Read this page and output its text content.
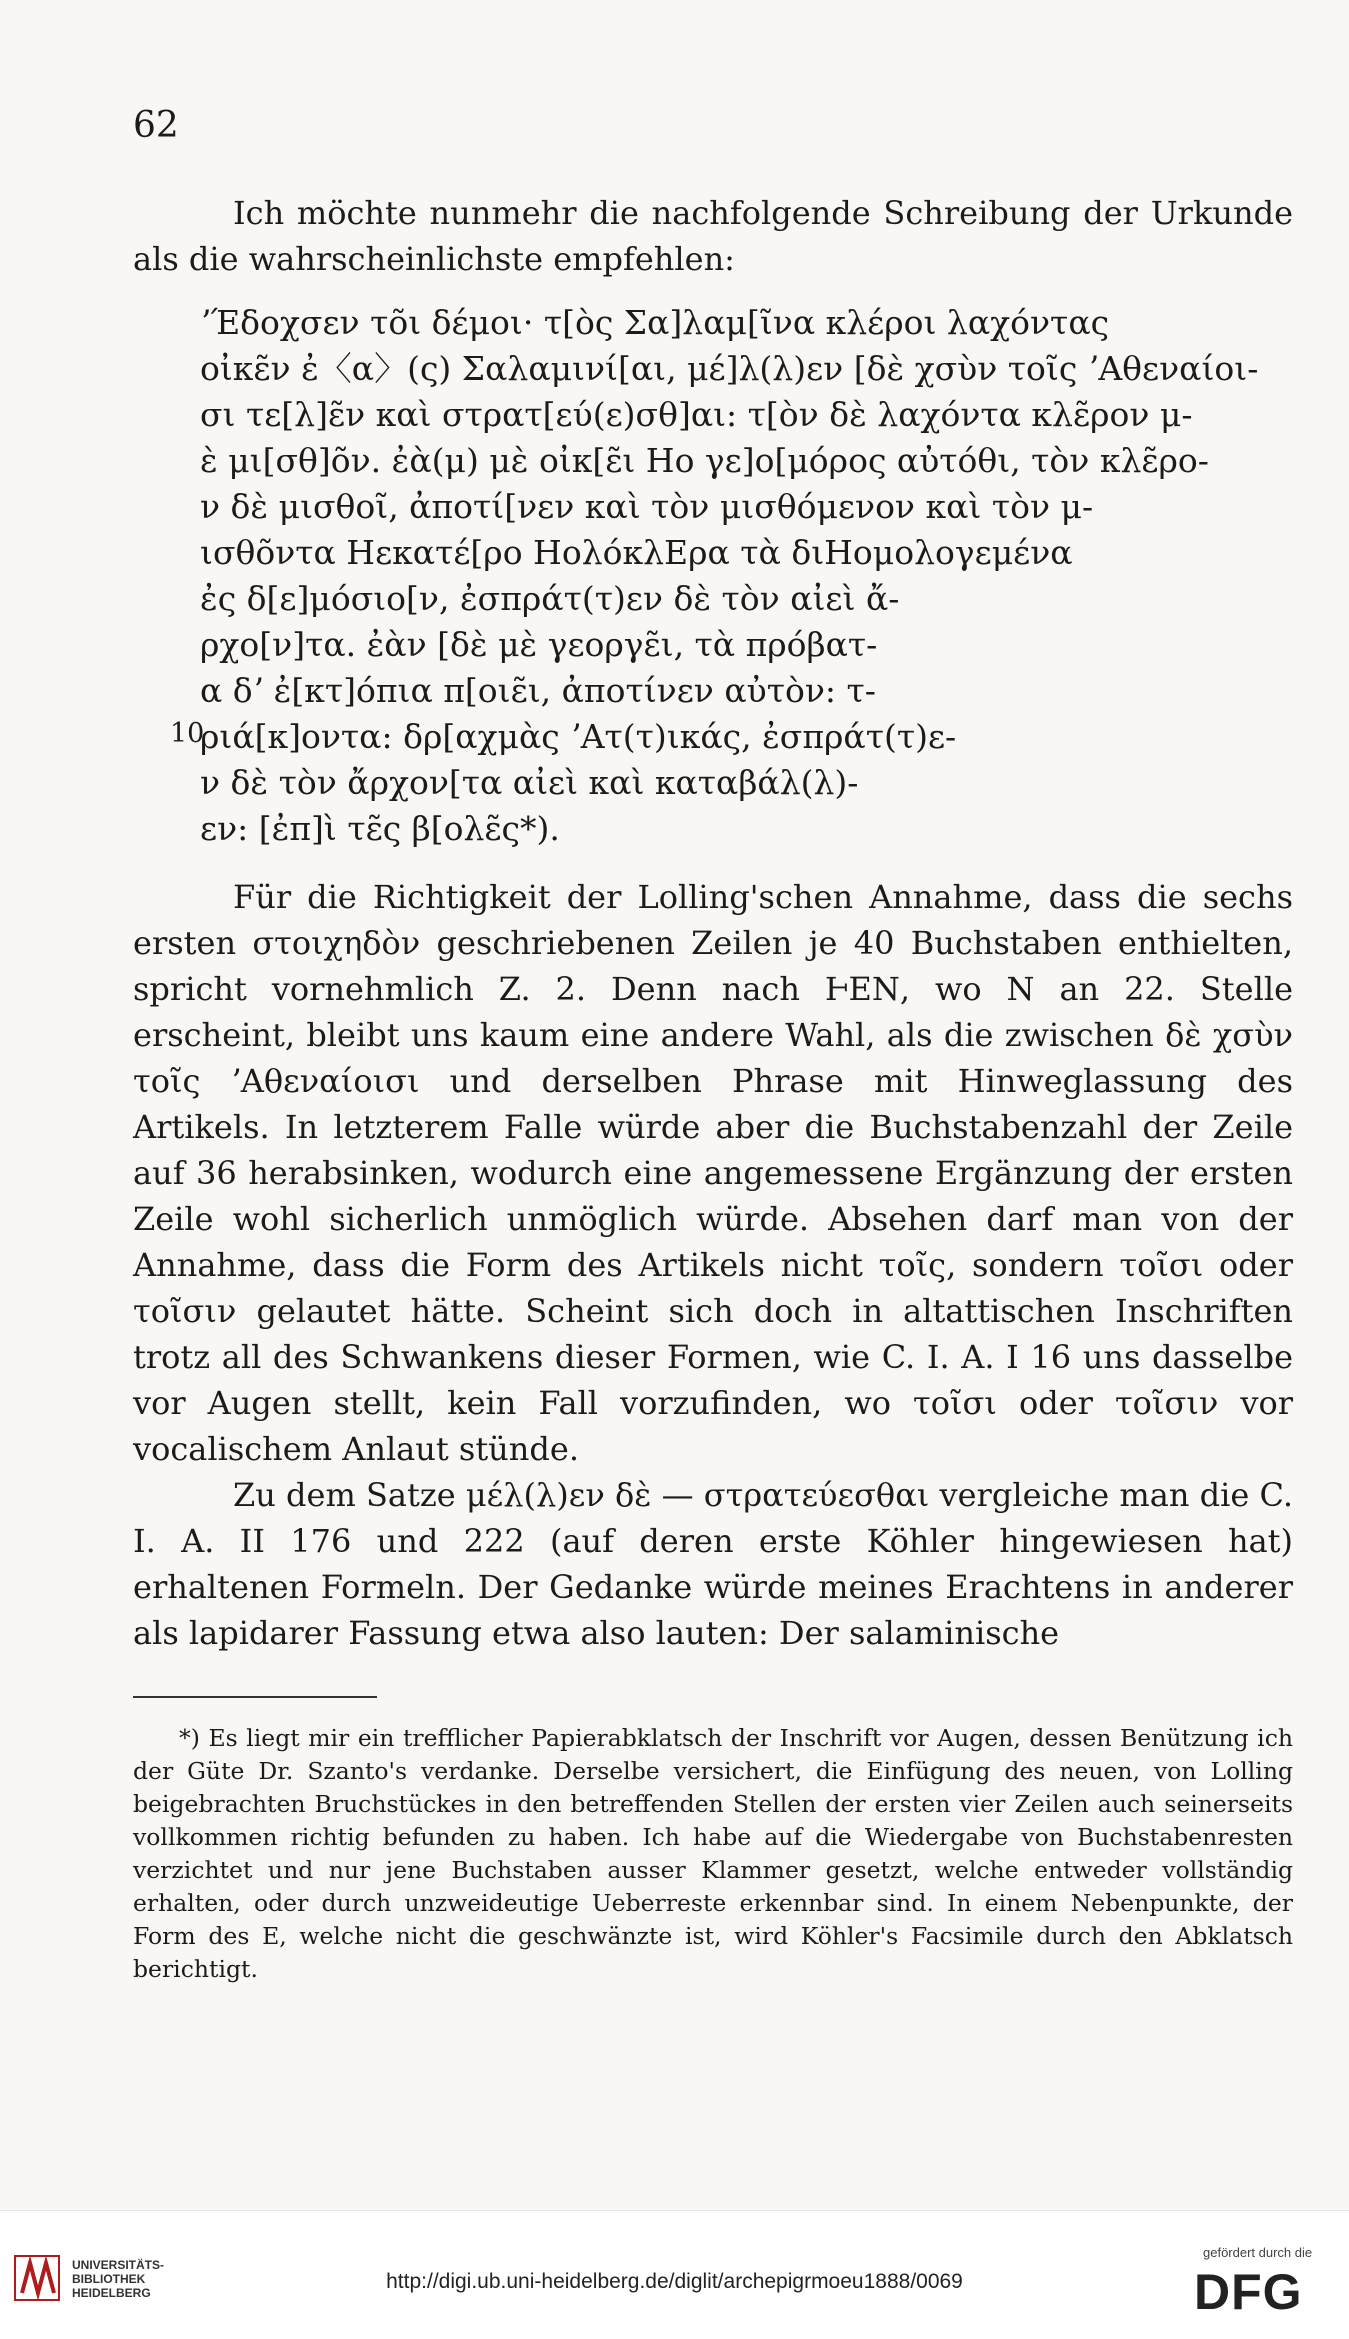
62

Ich möchte nunmehr die nachfolgende Schreibung der Urkunde als die wahrscheinlichste empfehlen:

ʼΈδοχσεν τõι δέμοι· τ[ὸς Σα]λαμ[ῖνα κλέροι λαχόντας
οἰκε̃ν ἐ〈α〉(ς) Σαλαμινί[αι, μέ]λ(λ)εν [δὲ χσὺν τοῖς ʼΑθεναίοι-
σι τε[λ]ε̃ν καὶ στρατ[εύ(ε)σθ]αι: τ[ὸν δὲ λαχόντα κλε̃ρον μ-
ὲ μι[σθ]õν. ἐὰ(μ) μὲ οἰκ[ε̃ι Ηο γε]ο[μόρος αὐτόθι, τὸν κλε̃ρο-
ν δὲ μισθοῖ, ἀποτί[νεν καὶ τὸν μισθόμενον καὶ τὸν μ-
ισθõντα Ηεκατέ[ρο ΗολόκλΕρα τὰ διΗομολογεμένα
ἐς δ[ε]μόσιο[ν, ἐσπράτ(τ)εν δὲ τὸν αἰεὶ ἄ-
ρχο[ν]τα. ἐὰν [δὲ μὲ γεοργε̃ι, τὰ πρόβατ-
α δʼ ἐ[κτ]όπια π[οιε̃ι, ἀποτίνεν αὐτὸν: τ-
ριά[κ]οντα: δρ[αχμὰς ʼΑτ(τ)ικάς, ἐσπράτ(τ)ε-
ν δὲ τὸν ἄρχον[τα αἰεὶ καὶ καταβάλ(λ)-
εν: [ἐπ]ὶ τε̃ς β[ολε̃ς*).
10

Für die Richtigkeit der Lolling'schen Annahme, dass die sechs ersten στοιχηδὸν geschriebenen Zeilen je 40 Buchstaben enthielten, spricht vornehmlich Z. 2. Denn nach ⱵΕΝ, wo Ν an 22. Stelle erscheint, bleibt uns kaum eine andere Wahl, als die zwischen δὲ χσὺν τοῖς ʼΑθεναίοισι und derselben Phrase mit Hinweglassung des Artikels. In letzterem Falle würde aber die Buchstabenzahl der Zeile auf 36 herabsinken, wodurch eine angemessene Ergänzung der ersten Zeile wohl sicherlich unmöglich würde. Absehen darf man von der Annahme, dass die Form des Artikels nicht τοῖς, sondern τοῖσι oder τοῖσιν gelautet hätte. Scheint sich doch in altattischen Inschriften trotz all des Schwankens dieser Formen, wie C. I. A. I 16 uns dasselbe vor Augen stellt, kein Fall vorzufinden, wo τοῖσι oder τοῖσιν vor vocalischem Anlaut stünde.

Zu dem Satze μέλ(λ)εν δὲ — στρατεύεσθαι vergleiche man die C. I. A. II 176 und 222 (auf deren erste Köhler hingewiesen hat) erhaltenen Formeln. Der Gedanke würde meines Erachtens in anderer als lapidarer Fassung etwa also lauten: Der salaminische

*) Es liegt mir ein trefflicher Papierabklatsch der Inschrift vor Augen, dessen Benützung ich der Güte Dr. Szanto's verdanke. Derselbe versichert, die Einfügung des neuen, von Lolling beigebrachten Bruchstückes in den betreffenden Stellen der ersten vier Zeilen auch seinerseits vollkommen richtig befunden zu haben. Ich habe auf die Wiedergabe von Buchstabenresten verzichtet und nur jene Buchstaben ausser Klammer gesetzt, welche entweder vollständig erhalten, oder durch unzweideutige Ueberreste erkennbar sind. In einem Nebenpunkte, der Form des E, welche nicht die geschwänzte ist, wird Köhler's Facsimile durch den Abklatsch berichtigt.

UNIVERSITÄTS-
BIBLIOTHEK
HEIDELBERG	http://digi.ub.uni-heidelberg.de/diglit/archepigrmoeu1888/0069
gefördert durch die
DFG
